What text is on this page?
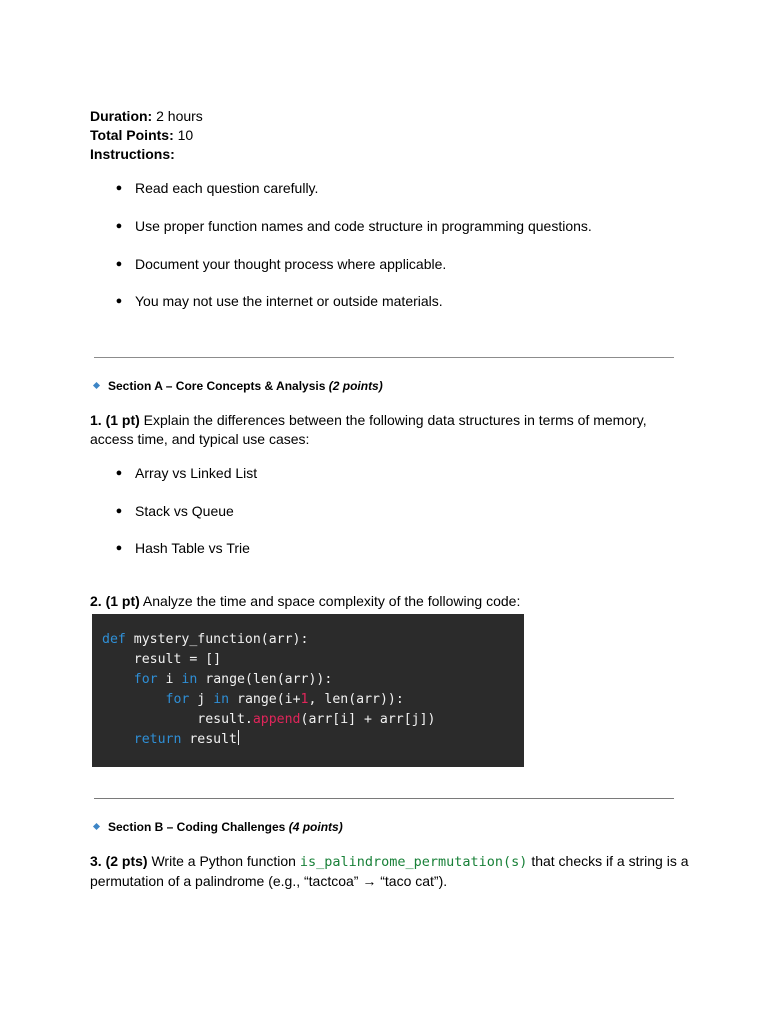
Duration: 2 hours
Total Points: 10
Instructions:
● Read each question carefully.
● Use proper function names and code structure in programming questions.
● Document your thought process where applicable.
● You may not use the internet or outside materials.
Section A – Core Concepts & Analysis (2 points)
1. (1 pt) Explain the differences between the following data structures in terms of memory, access time, and typical use cases:
● Array vs Linked List
● Stack vs Queue
● Hash Table vs Trie
2. (1 pt) Analyze the time and space complexity of the following code:
def mystery_function(arr):
result = []
for i in range(len(arr)):
for j in range(i+1, len(arr)):
result.append(arr[i] + arr[j])
return result
Section B – Coding Challenges (4 points)
3. (2 pts) Write a Python function is_palindrome_permutation(s) that checks if a string is a permutation of a palindrome (e.g., “tactcoa” → “taco cat”).
